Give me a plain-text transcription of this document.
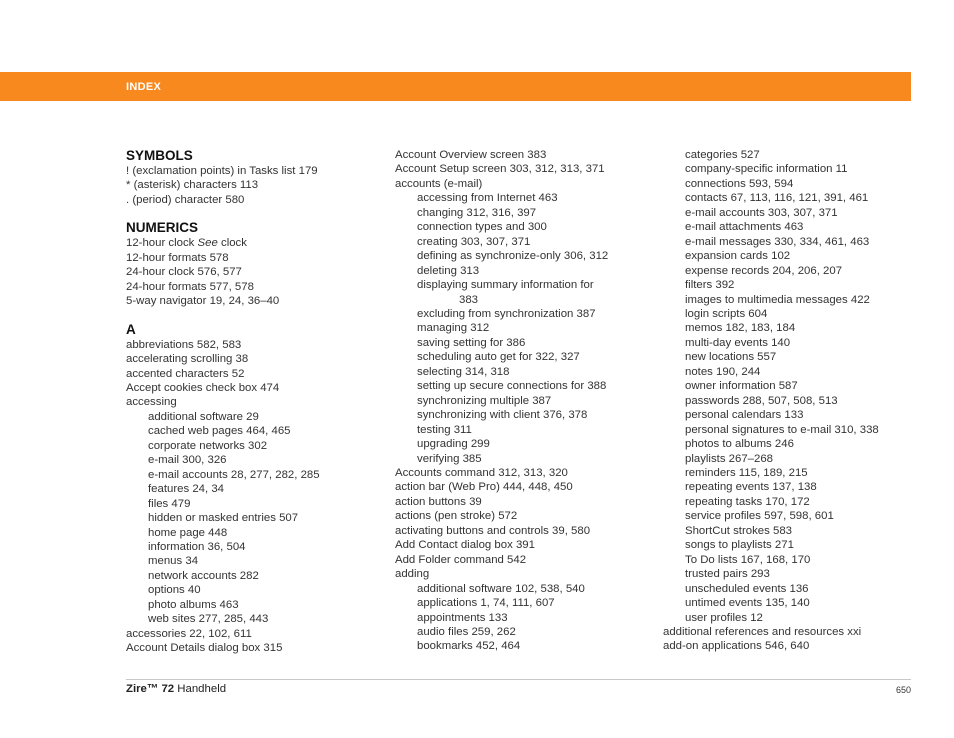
INDEX
SYMBOLS
! (exclamation points) in Tasks list 179
* (asterisk) characters 113
. (period) character 580
NUMERICS
12-hour clock See clock
12-hour formats 578
24-hour clock 576, 577
24-hour formats 577, 578
5-way navigator 19, 24, 36–40
A
abbreviations 582, 583
accelerating scrolling 38
accented characters 52
Accept cookies check box 474
accessing
additional software 29
cached web pages 464, 465
corporate networks 302
e-mail 300, 326
e-mail accounts 28, 277, 282, 285
features 24, 34
files 479
hidden or masked entries 507
home page 448
information 36, 504
menus 34
network accounts 282
options 40
photo albums 463
web sites 277, 285, 443
accessories 22, 102, 611
Account Details dialog box 315
Account Overview screen 383
Account Setup screen 303, 312, 313, 371
accounts (e-mail)
accessing from Internet 463
changing 312, 316, 397
connection types and 300
creating 303, 307, 371
defining as synchronize-only 306, 312
deleting 313
displaying summary information for
383
excluding from synchronization 387
managing 312
saving setting for 386
scheduling auto get for 322, 327
selecting 314, 318
setting up secure connections for 388
synchronizing multiple 387
synchronizing with client 376, 378
testing 311
upgrading 299
verifying 385
Accounts command 312, 313, 320
action bar (Web Pro) 444, 448, 450
action buttons 39
actions (pen stroke) 572
activating buttons and controls 39, 580
Add Contact dialog box 391
Add Folder command 542
adding
additional software 102, 538, 540
applications 1, 74, 111, 607
appointments 133
audio files 259, 262
bookmarks 452, 464
categories 527
company-specific information 11
connections 593, 594
contacts 67, 113, 116, 121, 391, 461
e-mail accounts 303, 307, 371
e-mail attachments 463
e-mail messages 330, 334, 461, 463
expansion cards 102
expense records 204, 206, 207
filters 392
images to multimedia messages 422
login scripts 604
memos 182, 183, 184
multi-day events 140
new locations 557
notes 190, 244
owner information 587
passwords 288, 507, 508, 513
personal calendars 133
personal signatures to e-mail 310, 338
photos to albums 246
playlists 267–268
reminders 115, 189, 215
repeating events 137, 138
repeating tasks 170, 172
service profiles 597, 598, 601
ShortCut strokes 583
songs to playlists 271
To Do lists 167, 168, 170
trusted pairs 293
unscheduled events 136
untimed events 135, 140
user profiles 12
additional references and resources xxi
add-on applications 546, 640
Zire™ 72 Handheld	650
